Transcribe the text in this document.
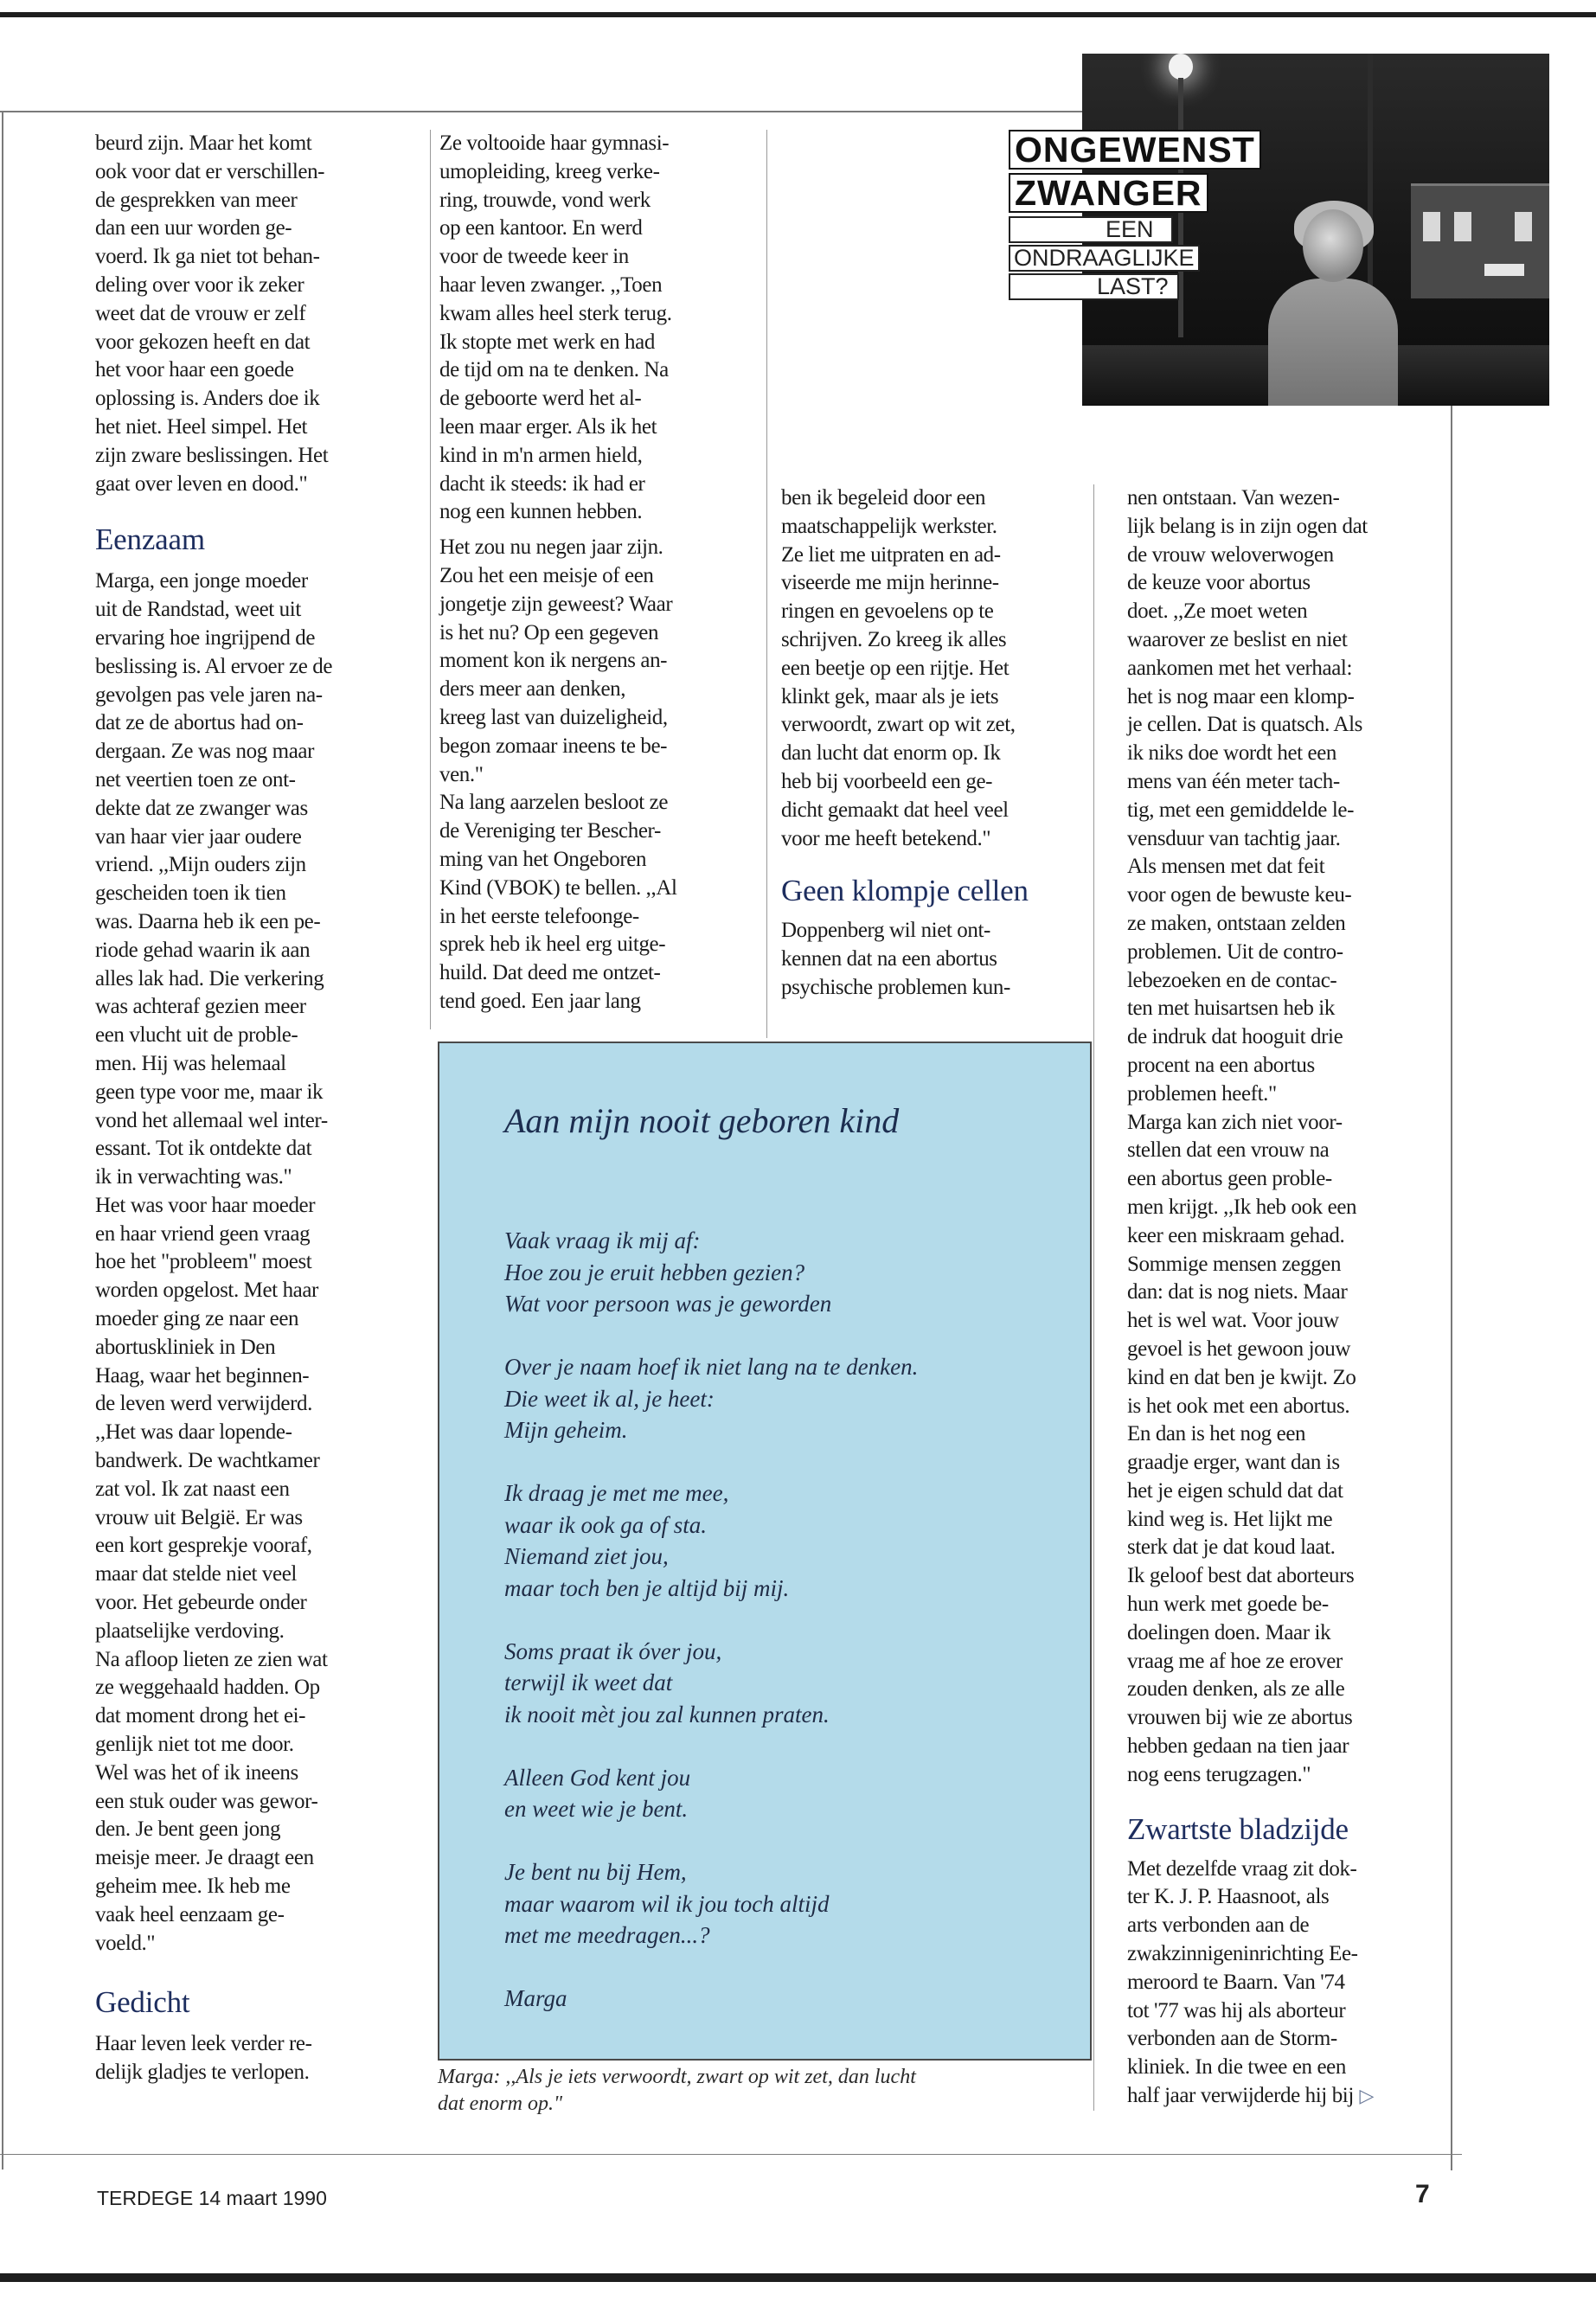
beurd zijn. Maar het komt
ook voor dat er verschillen-
de gesprekken van meer
dan een uur worden ge-
voerd. Ik ga niet tot behan-
deling over voor ik zeker
weet dat de vrouw er zelf
voor gekozen heeft en dat
het voor haar een goede
oplossing is. Anders doe ik
het niet. Heel simpel. Het
zijn zware beslissingen. Het
gaat over leven en dood."

Eenzaam

Marga, een jonge moeder
uit de Randstad, weet uit
ervaring hoe ingrijpend de
beslissing is. Al ervoer ze de
gevolgen pas vele jaren na-
dat ze de abortus had on-
dergaan. Ze was nog maar
net veertien toen ze ont-
dekte dat ze zwanger was
van haar vier jaar oudere
vriend. ,,Mijn ouders zijn
gescheiden toen ik tien
was. Daarna heb ik een pe-
riode gehad waarin ik aan
alles lak had. Die verkering
was achteraf gezien meer
een vlucht uit de proble-
men. Hij was helemaal
geen type voor me, maar ik
vond het allemaal wel inter-
essant. Tot ik ontdekte dat
ik in verwachting was."
Het was voor haar moeder
en haar vriend geen vraag
hoe het "probleem" moest
worden opgelost. Met haar
moeder ging ze naar een
abortuskliniek in Den
Haag, waar het beginnen-
de leven werd verwijderd.
,,Het was daar lopende-
bandwerk. De wachtkamer
zat vol. Ik zat naast een
vrouw uit België. Er was
een kort gesprekje vooraf,
maar dat stelde niet veel
voor. Het gebeurde onder
plaatselijke verdoving.
Na afloop lieten ze zien wat
ze weggehaald hadden. Op
dat moment drong het ei-
genlijk niet tot me door.
Wel was het of ik ineens
een stuk ouder was gewor-
den. Je bent geen jong
meisje meer. Je draagt een
geheim mee. Ik heb me
vaak heel eenzaam ge-
voeld."

Gedicht

Haar leven leek verder re-
delijk gladjes te verlopen.

Ze voltooide haar gymnasi-
umopleiding, kreeg verke-
ring, trouwde, vond werk
op een kantoor. En werd
voor de tweede keer in
haar leven zwanger. ,,Toen
kwam alles heel sterk terug.
Ik stopte met werk en had
de tijd om na te denken. Na
de geboorte werd het al-
leen maar erger. Als ik het
kind in m'n armen hield,
dacht ik steeds: ik had er
nog een kunnen hebben.

Het zou nu negen jaar zijn.
Zou het een meisje of een
jongetje zijn geweest? Waar
is het nu? Op een gegeven
moment kon ik nergens an-
ders meer aan denken,
kreeg last van duizeligheid,
begon zomaar ineens te be-
ven."
Na lang aarzelen besloot ze
de Vereniging ter Bescher-
ming van het Ongeboren
Kind (VBOK) te bellen. ,,Al
in het eerste telefoonge-
sprek heb ik heel erg uitge-
huild. Dat deed me ontzet-
tend goed. Een jaar lang

ben ik begeleid door een
maatschappelijk werkster.
Ze liet me uitpraten en ad-
viseerde me mijn herinne-
ringen en gevoelens op te
schrijven. Zo kreeg ik alles
een beetje op een rijtje. Het
klinkt gek, maar als je iets
verwoordt, zwart op wit zet,
dan lucht dat enorm op. Ik
heb bij voorbeeld een ge-
dicht gemaakt dat heel veel
voor me heeft betekend."

Geen klompje cellen

Doppenberg wil niet ont-
kennen dat na een abortus
psychische problemen kun-

nen ontstaan. Van wezen-
lijk belang is in zijn ogen dat
de vrouw weloverwogen
de keuze voor abortus
doet. ,,Ze moet weten
waarover ze beslist en niet
aankomen met het verhaal:
het is nog maar een klomp-
je cellen. Dat is quatsch. Als
ik niks doe wordt het een
mens van één meter tach-
tig, met een gemiddelde le-
vensduur van tachtig jaar.
Als mensen met dat feit
voor ogen de bewuste keu-
ze maken, ontstaan zelden
problemen. Uit de contro-
lebezoeken en de contac-
ten met huisartsen heb ik
de indruk dat hooguit drie
procent na een abortus
problemen heeft."
Marga kan zich niet voor-
stellen dat een vrouw na
een abortus geen proble-
men krijgt. ,,Ik heb ook een
keer een miskraam gehad.
Sommige mensen zeggen
dan: dat is nog niets. Maar
het is wel wat. Voor jouw
gevoel is het gewoon jouw
kind en dat ben je kwijt. Zo
is het ook met een abortus.
En dan is het nog een
graadje erger, want dan is
het je eigen schuld dat dat
kind weg is. Het lijkt me
sterk dat je dat koud laat.
Ik geloof best dat aborteurs
hun werk met goede be-
doelingen doen. Maar ik
vraag me af hoe ze erover
zouden denken, als ze alle
vrouwen bij wie ze abortus
hebben gedaan na tien jaar
nog eens terugzagen."

Zwartste bladzijde

Met dezelfde vraag zit dok-
ter K. J. P. Haasnoot, als
arts verbonden aan de
zwakzinnigeninrichting Ee-
meroord te Baarn. Van '74
tot '77 was hij als aborteur
verbonden aan de Storm-
kliniek. In die twee en een
half jaar verwijderde hij bij ▷

ONGEWENST
ZWANGER
EEN
ONDRAAGLIJKE
LAST?
Aan mijn nooit geboren kind
Vaak vraag ik mij af:
Hoe zou je eruit hebben gezien?
Wat voor persoon was je geworden
Over je naam hoef ik niet lang na te denken.
Die weet ik al, je heet:
Mijn geheim.
Ik draag je met me mee,
waar ik ook ga of sta.
Niemand ziet jou,
maar toch ben je altijd bij mij.
Soms praat ik óver jou,
terwijl ik weet dat
ik nooit mèt jou zal kunnen praten.
Alleen God kent jou
en weet wie je bent.
Je bent nu bij Hem,
maar waarom wil ik jou toch altijd
met me meedragen...?
Marga
Marga: ,,Als je iets verwoordt, zwart op wit zet, dan lucht
dat enorm op."
TERDEGE 14 maart 1990	7
